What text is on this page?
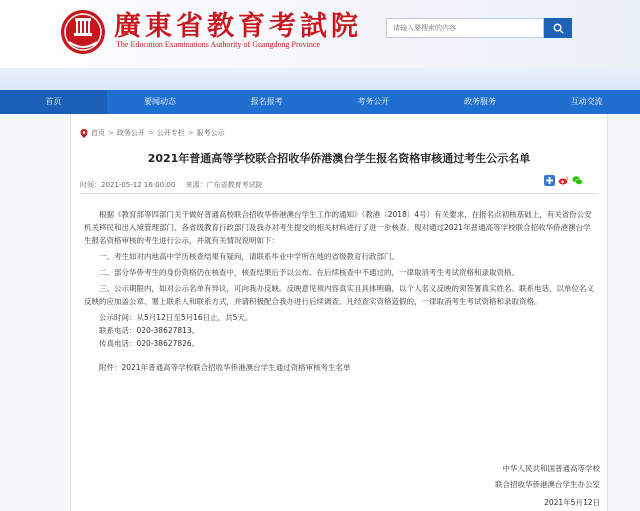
廣東省教育考試院
The Education Examinations Authority of Guangdong Province
请输入要搜索的内容
首页	要闻动态	报名报考	考务公开	政务服务	互动交流
首页 > 政务公开 > 公开专栏 > 报考公示
2021年普通高等学校联合招收华侨港澳台学生报名资格审核通过考生公示名单
时间：2021-05-12 16:00:00 来源：广东省教育考试院

根据《教育部等四部门关于做好普通高校联合招收华侨港澳台学生工作的通知》（教港〔2018〕4号）有关要求，在报名点初核基础上，有关省份公安机关移民和出入境管理部门、各省级教育行政部门及我办对考生提交的相关材料进行了进一步核查。现对通过2021年普通高等学校联合招收华侨港澳台学生报名资格审核的考生进行公示，并就有关情况说明如下：

一、考生如对内地高中学历核查结果有疑问，请联系毕业中学所在地的省级教育行政部门。

二、部分华侨考生的身份资格仍在核查中，核查结果后予以公布。在后续核查中不通过的，一律取消考生考试资格和录取资格。

三、公示期限内，如对公示名单有异议，可向我办反映。反映意见须内容真实且具体明确，以个人名义反映的须签署真实姓名、联系电话，以单位名义反映的应加盖公章、署上联系人和联系方式，并请积极配合我办进行后续调查。凡经查实资格造假的，一律取消考生考试资格和录取资格。

公示时间：从5月12日至5月16日止，共5天。

联系电话：020-38627813。

传真电话：020-38627826。

附件：2021年普通高等学校联合招收华侨港澳台学生通过资格审核考生名单

中华人民共和国普通高等学校
联合招收华侨港澳台学生办公室
2021年5月12日
